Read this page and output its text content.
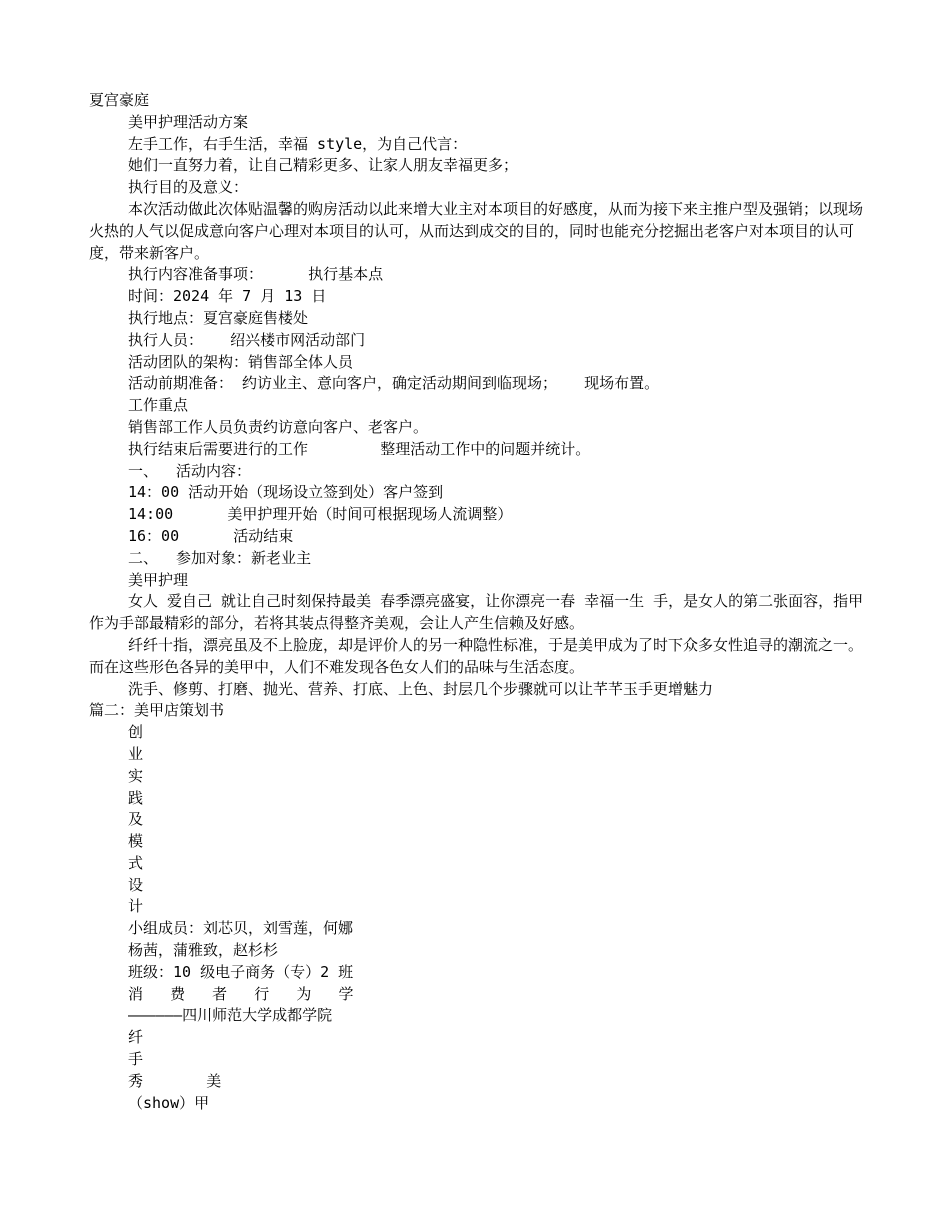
夏宫豪庭
美甲护理活动方案
左手工作，右手生活，幸福 style，为自己代言：
她们一直努力着，让自己精彩更多、让家人朋友幸福更多；
执行目的及意义：
本次活动做此次体贴温馨的购房活动以此来增大业主对本项目的好感度，从而为接下来主推户型及强销；以现场火热的人气以促成意向客户心理对本项目的认可，从而达到成交的目的，同时也能充分挖掘出老客户对本项目的认可度，带来新客户。
执行内容准备事项：     执行基本点
时间：2024 年 7 月 13 日
执行地点：夏宫豪庭售楼处
执行人员：   绍兴楼市网活动部门
活动团队的架构：销售部全体人员
活动前期准备： 约访业主、意向客户，确定活动期间到临现场；   现场布置。
工作重点
销售部工作人员负责约访意向客户、老客户。
执行结束后需要进行的工作        整理活动工作中的问题并统计。
一、  活动内容：
14：00 活动开始（现场设立签到处）客户签到
14:00      美甲护理开始（时间可根据现场人流调整）
16：00      活动结束
二、  参加对象：新老业主
美甲护理
女人 爱自己 就让自己时刻保持最美 春季漂亮盛宴，让你漂亮一春 幸福一生 手，是女人的第二张面容，指甲作为手部最精彩的部分，若将其装点得整齐美观，会让人产生信赖及好感。
纤纤十指，漂亮虽及不上脸庞，却是评价人的另一种隐性标准，于是美甲成为了时下众多女性追寻的潮流之一。而在这些形色各异的美甲中，人们不难发现各色女人们的品味与生活态度。
洗手、修剪、打磨、抛光、营养、打底、上色、封层几个步骤就可以让芊芊玉手更增魅力
篇二：美甲店策划书
创
业
实
践
及
模
式
设
计
小组成员：刘芯贝，刘雪莲，何娜
杨茜，蒲雅致，赵杉杉
班级：10 级电子商务（专）2 班
消   费   者   行   为   学
——————四川师范大学成都学院
纤
手
秀       美
（show）甲
